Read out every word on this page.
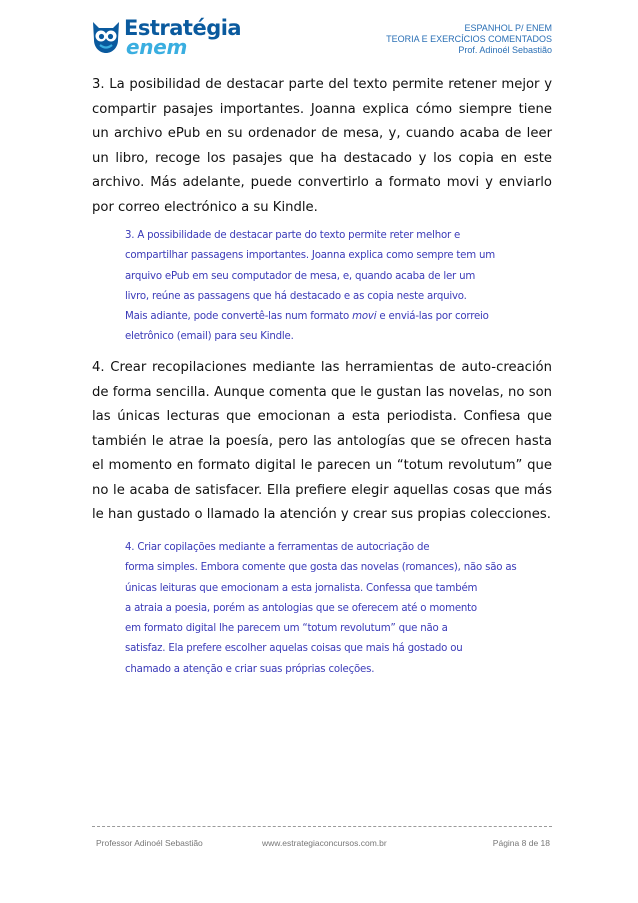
Estratégia
enem
ESPANHOL P/ ENEM
TEORIA E EXERCÍCIOS COMENTADOS
Prof. Adinoél Sebastião

3. La posibilidad de destacar parte del texto permite retener mejor y compartir pasajes importantes. Joanna explica cómo siempre tiene un archivo ePub en su ordenador de mesa, y, cuando acaba de leer un libro, recoge los pasajes que ha destacado y los copia en este archivo. Más adelante, puede convertirlo a formato movi y enviarlo por correo electrónico a su Kindle.

3. A possibilidade de destacar parte do texto permite reter melhor e
compartilhar passagens importantes. Joanna explica como sempre tem um
arquivo ePub em seu computador de mesa, e, quando acaba de ler um
livro, reúne as passagens que há destacado e as copia neste arquivo.
Mais adiante, pode convertê-las num formato movi e enviá-las por correio
eletrônico (email) para seu Kindle.

4. Crear recopilaciones mediante las herramientas de auto-creación de forma sencilla. Aunque comenta que le gustan las novelas, no son las únicas lecturas que emocionan a esta periodista. Confiesa que también le atrae la poesía, pero las antologías que se ofrecen hasta el momento en formato digital le parecen un “totum revolutum” que no le acaba de satisfacer. Ella prefiere elegir aquellas cosas que más le han gustado o llamado la atención y crear sus propias colecciones.

4. Criar copilações mediante a ferramentas de autocriação de
forma simples. Embora comente que gosta das novelas (romances), não são as
únicas leituras que emocionam a esta jornalista. Confessa que também
a atraia a poesia, porém as antologias que se oferecem até o momento
em formato digital lhe parecem um “totum revolutum” que não a
satisfaz. Ela prefere escolher aquelas coisas que mais há gostado ou
chamado a atenção e criar suas próprias coleções.
Professor Adinoél Sebastião	www.estrategiaconcursos.com.br	Página 8 de 18
